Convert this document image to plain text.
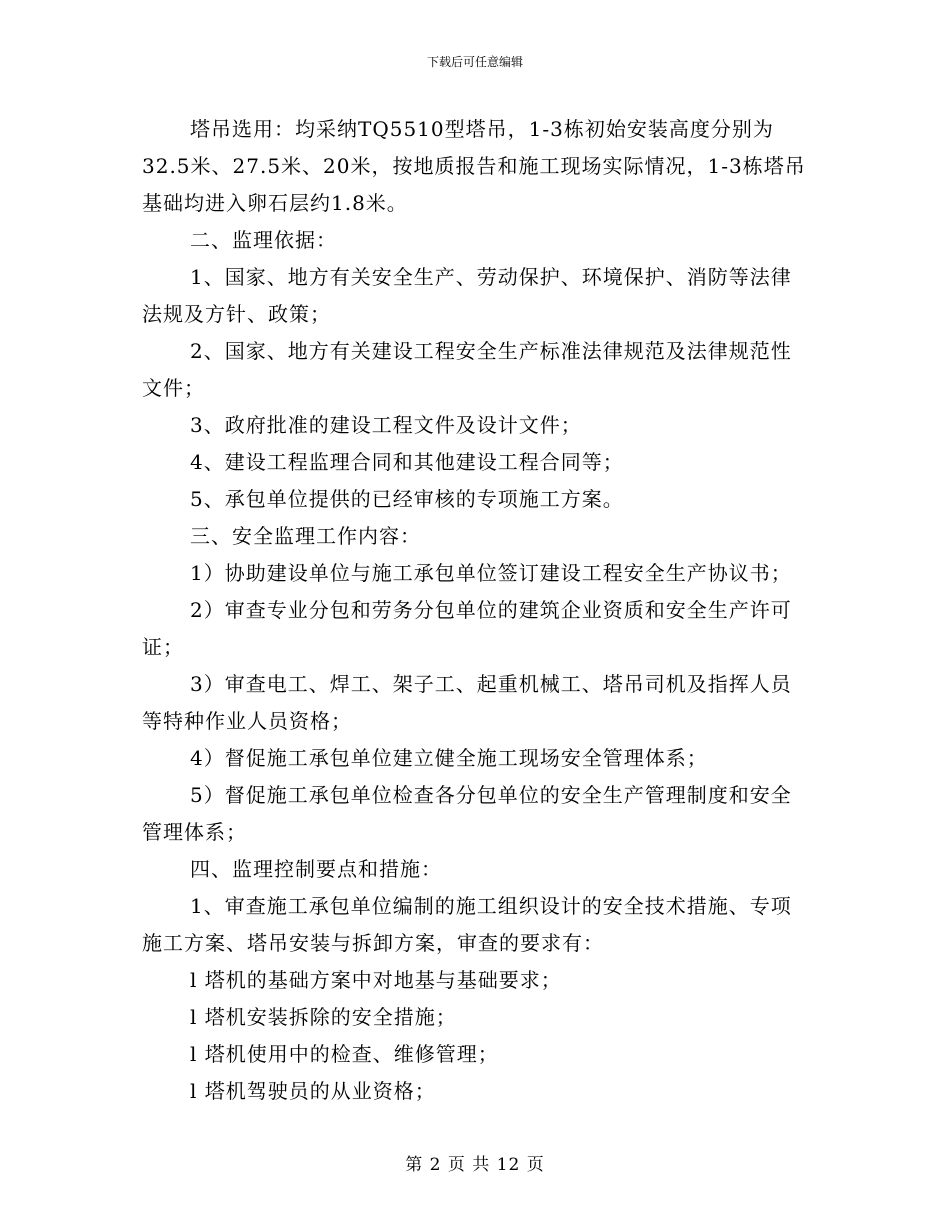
下载后可任意编辑

塔吊选用：均采纳TQ5510型塔吊，1-3栋初始安装高度分别为32.5米、27.5米、20米，按地质报告和施工现场实际情况，1-3栋塔吊基础均进入卵石层约1.8米。

二、监理依据：

1、国家、地方有关安全生产、劳动保护、环境保护、消防等法律法规及方针、政策；

2、国家、地方有关建设工程安全生产标准法律规范及法律规范性文件；

3、政府批准的建设工程文件及设计文件；

4、建设工程监理合同和其他建设工程合同等；

5、承包单位提供的已经审核的专项施工方案。

三、安全监理工作内容：

1）协助建设单位与施工承包单位签订建设工程安全生产协议书；

2）审查专业分包和劳务分包单位的建筑企业资质和安全生产许可证；

3）审查电工、焊工、架子工、起重机械工、塔吊司机及指挥人员等特种作业人员资格；

4）督促施工承包单位建立健全施工现场安全管理体系；

5）督促施工承包单位检查各分包单位的安全生产管理制度和安全管理体系；

四、监理控制要点和措施：

1、审查施工承包单位编制的施工组织设计的安全技术措施、专项施工方案、塔吊安装与拆卸方案，审查的要求有：

l 塔机的基础方案中对地基与基础要求；

l 塔机安装拆除的安全措施；

l 塔机使用中的检查、维修管理；

l 塔机驾驶员的从业资格；

第 2 页 共 12 页
